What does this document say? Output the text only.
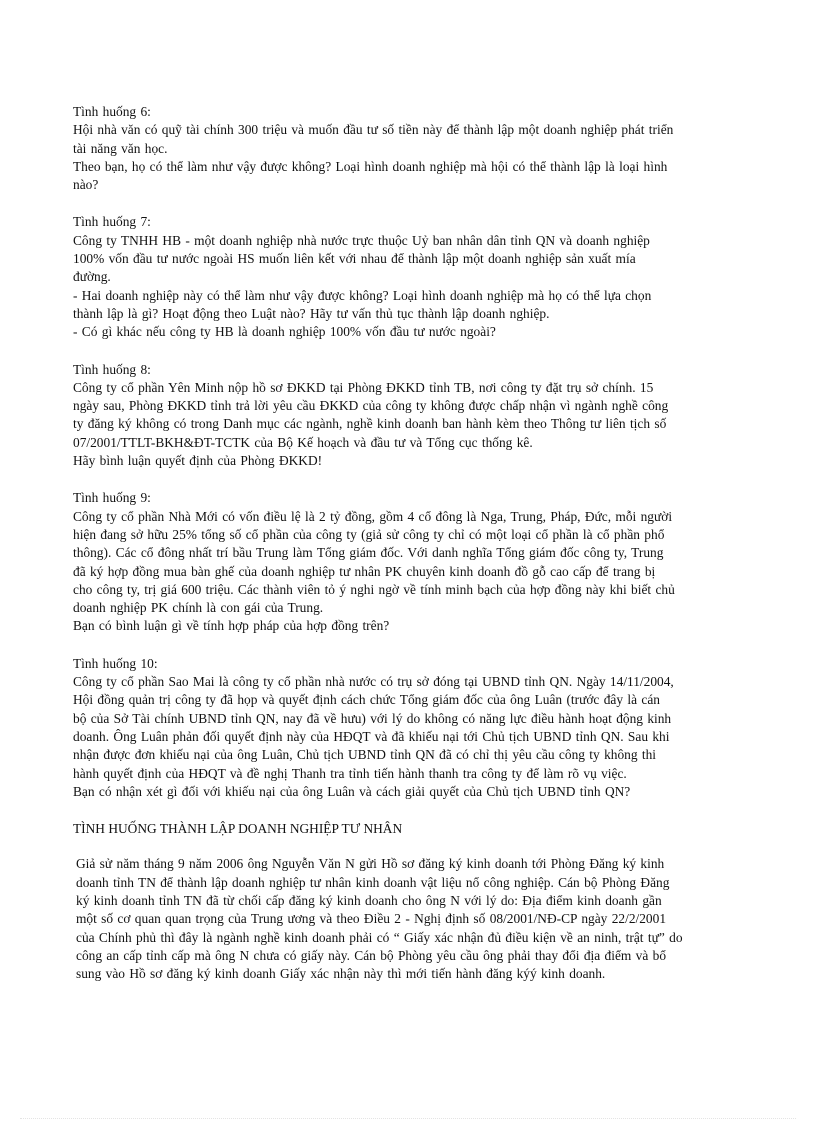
Tình huống 6:
Hội nhà văn có quỹ tài chính 300 triệu và muốn đầu tư số tiền này để thành lập một doanh nghiệp phát triển
tài năng văn học.
Theo bạn, họ có thể làm như vậy được không? Loại hình doanh nghiệp mà hội có thể thành lập là loại hình
nào?
Tình huống 7:
Công ty TNHH HB - một doanh nghiệp nhà nước trực thuộc Uỷ ban nhân dân tỉnh QN và doanh nghiệp
100% vốn đầu tư nước ngoài HS muốn liên kết với nhau để thành lập một doanh nghiệp sản xuất mía
đường.
- Hai doanh nghiệp này có thể làm như vậy được không? Loại hình doanh nghiệp mà họ có thể lựa chọn
thành lập là gì? Hoạt động theo Luật nào? Hãy tư vấn thủ tục thành lập doanh nghiệp.
- Có gì khác nếu công ty HB là doanh nghiệp 100% vốn đầu tư nước ngoài?
Tình huống 8:
Công ty cổ phần Yên Minh nộp hồ sơ ĐKKD tại Phòng ĐKKD tỉnh TB, nơi công ty đặt trụ sở chính. 15
ngày sau, Phòng ĐKKD tỉnh trả lời yêu cầu ĐKKD của công ty không được chấp nhận vì ngành nghề công
ty đăng ký không có trong Danh mục các ngành, nghề kinh doanh ban hành kèm theo Thông tư liên tịch số
07/2001/TTLT-BKH&ĐT-TCTK của Bộ Kế hoạch và đầu tư và Tổng cục thống kê.
Hãy bình luận quyết định của Phòng ĐKKD!
Tình huống 9:
Công ty cổ phần Nhà Mới có vốn điều lệ là 2 tỷ đồng, gồm 4 cổ đông là Nga, Trung, Pháp, Đức, mỗi người
hiện đang sở hữu 25% tổng số cổ phần của công ty (giả sử công ty chỉ có một loại cổ phần là cổ phần phổ
thông). Các cổ đông nhất trí bầu Trung làm Tổng giám đốc. Với danh nghĩa Tổng giám đốc công ty, Trung
đã ký hợp đồng mua bàn ghế của doanh nghiệp tư nhân PK chuyên kinh doanh đồ gỗ cao cấp để trang bị
cho công ty, trị giá 600 triệu. Các thành viên tỏ ý nghi ngờ về tính minh bạch của hợp đồng này khi biết chủ
doanh nghiệp PK chính là con gái của Trung.
Bạn có bình luận gì về tính hợp pháp của hợp đồng trên?
Tình huống 10:
Công ty cổ phần Sao Mai là công ty cổ phần nhà nước có trụ sở đóng tại UBND tỉnh QN. Ngày 14/11/2004,
Hội đồng quản trị công ty đã họp và quyết định cách chức Tổng giám đốc của ông Luân (trước đây là cán
bộ của Sở Tài chính UBND tỉnh QN, nay đã về hưu) với lý do không có năng lực điều hành hoạt động kinh
doanh. Ông Luân phản đối quyết định này của HĐQT và đã khiếu nại tới Chủ tịch UBND tỉnh QN. Sau khi
nhận được đơn khiếu nại của ông Luân, Chủ tịch UBND tỉnh QN đã có chỉ thị yêu cầu công ty không thi
hành quyết định của HĐQT và đề nghị Thanh tra tỉnh tiến hành thanh tra công ty để làm rõ vụ việc.
Bạn có nhận xét gì đối với khiếu nại của ông Luân và cách giải quyết của Chủ tịch UBND tỉnh QN?
TÌNH HUỐNG THÀNH LẬP DOANH NGHIỆP TƯ NHÂN
Giả sử năm tháng 9 năm 2006 ông Nguyễn Văn N gửi Hồ sơ đăng ký kinh doanh tới Phòng Đăng ký kinh
doanh tỉnh TN để thành lập doanh nghiệp tư nhân kinh doanh vật liệu nổ công nghiệp. Cán bộ Phòng Đăng
ký kinh doanh tỉnh TN đã từ chối cấp đăng ký kinh doanh cho ông N với lý do: Địa điểm kinh doanh gần
một số cơ quan quan trọng của Trung ương và theo Điều 2 - Nghị định số 08/2001/NĐ-CP ngày 22/2/2001
của Chính phủ thì đây là ngành nghề kinh doanh phải có “ Giấy xác nhận đủ điều kiện về an ninh, trật tự” do
công an cấp tỉnh cấp mà ông N chưa có giấy này. Cán bộ Phòng yêu cầu ông phải thay đổi địa điểm và bổ
sung vào Hồ sơ đăng ký kinh doanh Giấy xác nhận này thì mới tiến hành đăng kýý kinh doanh.
